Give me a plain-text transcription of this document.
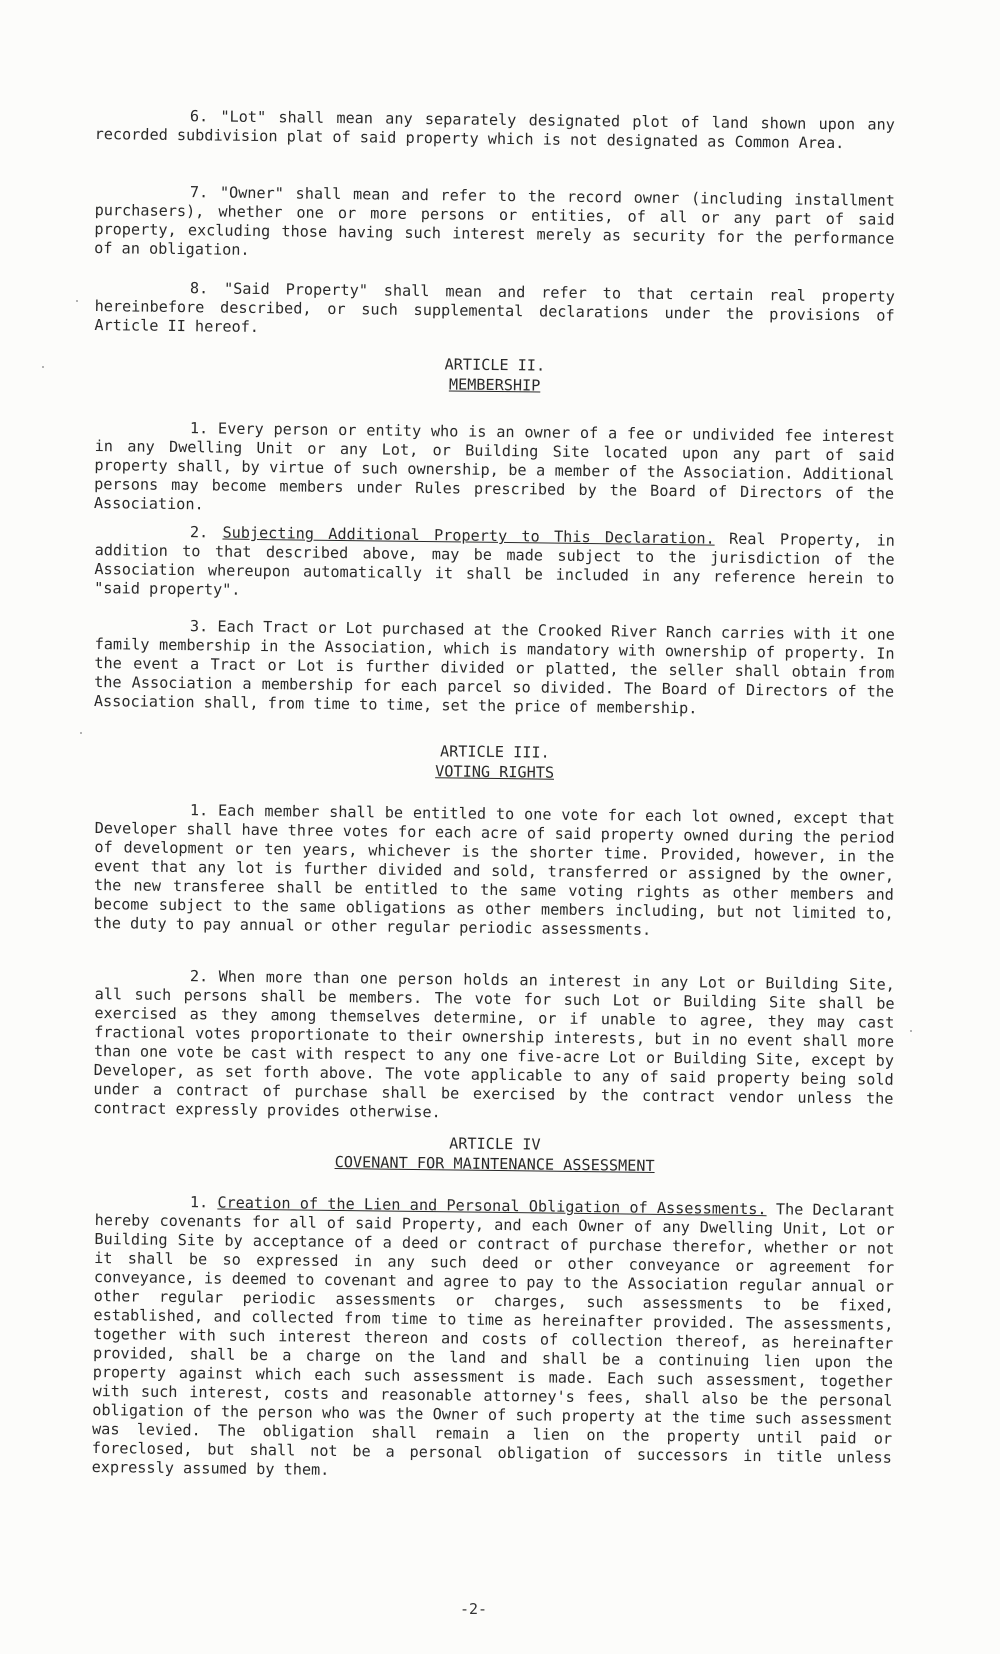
6. "Lot" shall mean any separately designated plot of land shown upon any recorded subdivision plat of said property which is not designated as Common Area.

7. "Owner" shall mean and refer to the record owner (including installment purchasers), whether one or more persons or entities, of all or any part of said property, excluding those having such interest merely as security for the performance of an obligation.

8. "Said Property" shall mean and refer to that certain real property hereinbefore described, or such supplemental declarations under the provisions of Article II hereof.

ARTICLE II.
MEMBERSHIP

1. Every person or entity who is an owner of a fee or undivided fee interest in any Dwelling Unit or any Lot, or Building Site located upon any part of said property shall, by virtue of such ownership, be a member of the Association. Additional persons may become members under Rules prescribed by the Board of Directors of the Association.

2. Subjecting Additional Property to This Declaration. Real Property, in addition to that described above, may be made subject to the jurisdiction of the Association whereupon automatically it shall be included in any reference herein to "said property".

3. Each Tract or Lot purchased at the Crooked River Ranch carries with it one family membership in the Association, which is mandatory with ownership of property. In the event a Tract or Lot is further divided or platted, the seller shall obtain from the Association a membership for each parcel so divided. The Board of Directors of the Association shall, from time to time, set the price of membership.

ARTICLE III.
VOTING RIGHTS

1. Each member shall be entitled to one vote for each lot owned, except that Developer shall have three votes for each acre of said property owned during the period of development or ten years, whichever is the shorter time. Provided, however, in the event that any lot is further divided and sold, transferred or assigned by the owner, the new transferee shall be entitled to the same voting rights as other members and become subject to the same obligations as other members including, but not limited to, the duty to pay annual or other regular periodic assessments.

2. When more than one person holds an interest in any Lot or Building Site, all such persons shall be members. The vote for such Lot or Building Site shall be exercised as they among themselves determine, or if unable to agree, they may cast fractional votes proportionate to their ownership interests, but in no event shall more than one vote be cast with respect to any one five-acre Lot or Building Site, except by Developer, as set forth above. The vote applicable to any of said property being sold under a contract of purchase shall be exercised by the contract vendor unless the contract expressly provides otherwise.

ARTICLE IV
COVENANT FOR MAINTENANCE ASSESSMENT

1. Creation of the Lien and Personal Obligation of Assessments. The Declarant hereby covenants for all of said Property, and each Owner of any Dwelling Unit, Lot or Building Site by acceptance of a deed or contract of purchase therefor, whether or not it shall be so expressed in any such deed or other conveyance or agreement for conveyance, is deemed to covenant and agree to pay to the Association regular annual or other regular periodic assessments or charges, such assessments to be fixed, established, and collected from time to time as hereinafter provided. The assessments, together with such interest thereon and costs of collection thereof, as hereinafter provided, shall be a charge on the land and shall be a continuing lien upon the property against which each such assessment is made. Each such assessment, together with such interest, costs and reasonable attorney's fees, shall also be the personal obligation of the person who was the Owner of such property at the time such assessment was levied. The obligation shall remain a lien on the property until paid or foreclosed, but shall not be a personal obligation of successors in title unless expressly assumed by them.

-2-
